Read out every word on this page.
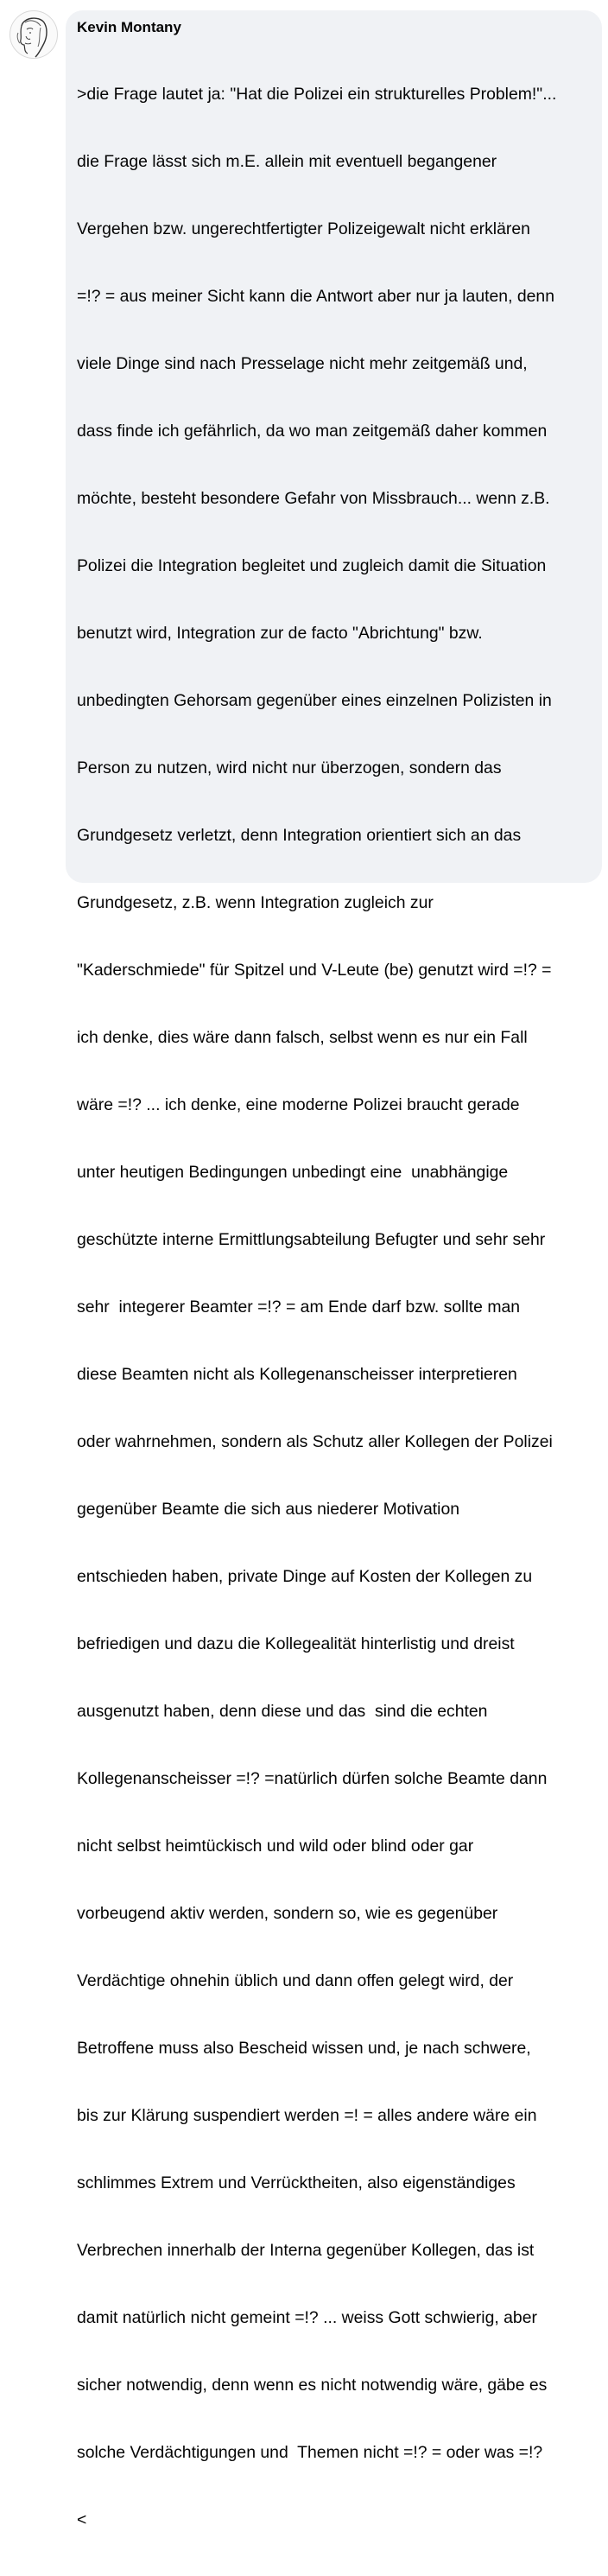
Kevin Montany

>die Frage lautet ja: "Hat die Polizei ein strukturelles Problem!"...

die Frage lässt sich m.E. allein mit eventuell begangener

Vergehen bzw. ungerechtfertigter Polizeigewalt nicht erklären

=!? = aus meiner Sicht kann die Antwort aber nur ja lauten, denn

viele Dinge sind nach Presselage nicht mehr zeitgemäß und,

dass finde ich gefährlich, da wo man zeitgemäß daher kommen

möchte, besteht besondere Gefahr von Missbrauch... wenn z.B.

Polizei die Integration begleitet und zugleich damit die Situation

benutzt wird, Integration zur de facto "Abrichtung" bzw.

unbedingten Gehorsam gegenüber eines einzelnen Polizisten in

Person zu nutzen, wird nicht nur überzogen, sondern das

Grundgesetz verletzt, denn Integration orientiert sich an das

Grundgesetz, z.B. wenn Integration zugleich zur

"Kaderschmiede" für Spitzel und V-Leute (be) genutzt wird =!? =

ich denke, dies wäre dann falsch, selbst wenn es nur ein Fall

wäre =!? ... ich denke, eine moderne Polizei braucht gerade

unter heutigen Bedingungen unbedingt eine  unabhängige

geschützte interne Ermittlungsabteilung Befugter und sehr sehr

sehr  integerer Beamter =!? = am Ende darf bzw. sollte man

diese Beamten nicht als Kollegenanscheisser interpretieren

oder wahrnehmen, sondern als Schutz aller Kollegen der Polizei

gegenüber Beamte die sich aus niederer Motivation

entschieden haben, private Dinge auf Kosten der Kollegen zu

befriedigen und dazu die Kollegealität hinterlistig und dreist

ausgenutzt haben, denn diese und das  sind die echten

Kollegenanscheisser =!? =natürlich dürfen solche Beamte dann

nicht selbst heimtückisch und wild oder blind oder gar

vorbeugend aktiv werden, sondern so, wie es gegenüber

Verdächtige ohnehin üblich und dann offen gelegt wird, der

Betroffene muss also Bescheid wissen und, je nach schwere,

bis zur Klärung suspendiert werden =! = alles andere wäre ein

schlimmes Extrem und Verrücktheiten, also eigenständiges

Verbrechen innerhalb der Interna gegenüber Kollegen, das ist

damit natürlich nicht gemeint =!? ... weiss Gott schwierig, aber

sicher notwendig, denn wenn es nicht notwendig wäre, gäbe es

solche Verdächtigungen und  Themen nicht =!? = oder was =!?

<
